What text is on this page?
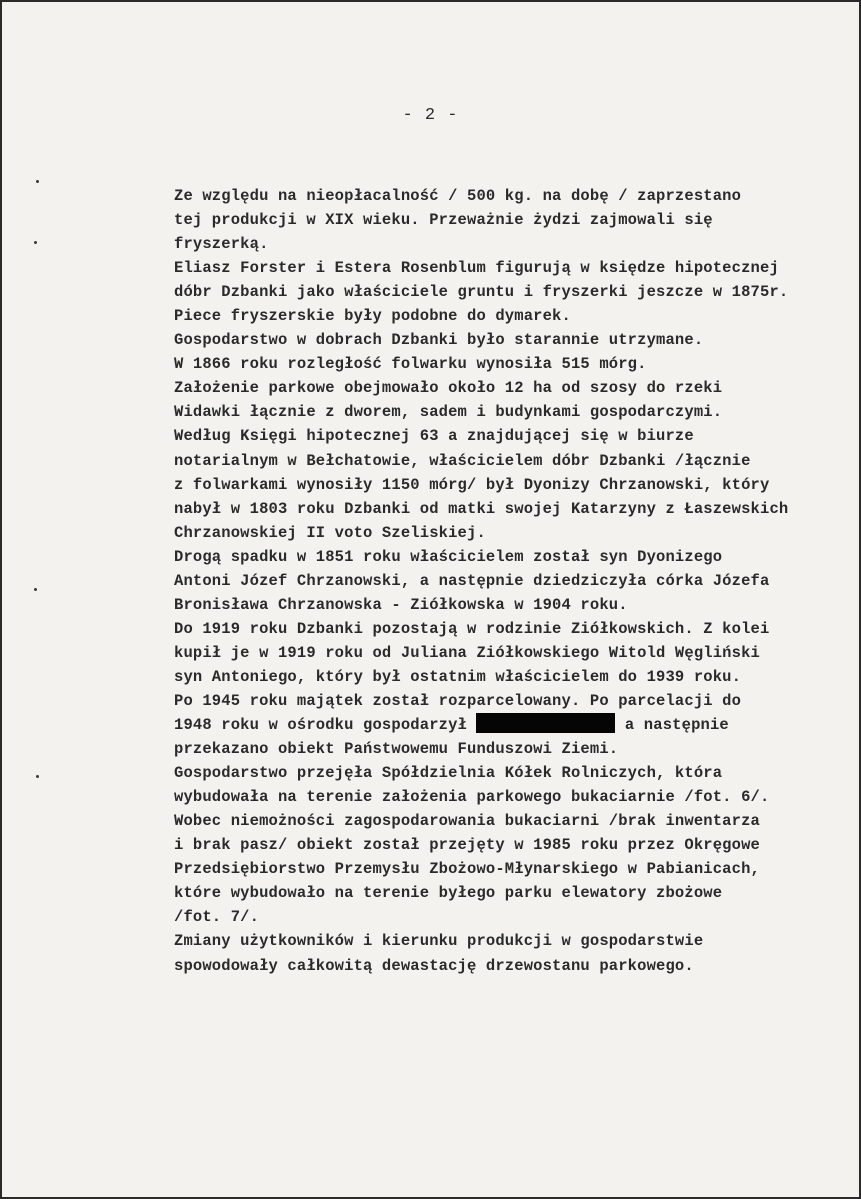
- 2 -
Ze względu na nieopłacalność / 500 kg. na dobę / zaprzestano
tej produkcji w XIX wieku. Przeważnie żydzi zajmowali się
fryszerką.
Eliasz Forster i Estera Rosenblum figurują w księdze hipotecznej
dóbr Dzbanki jako właściciele gruntu i fryszerki jeszcze w 1875r.
Piece fryszerskie były podobne do dymarek.
Gospodarstwo w dobrach Dzbanki było starannie utrzymane.
W 1866 roku rozległość folwarku wynosiła 515 mórg.
Założenie parkowe obejmowało około 12 ha od szosy do rzeki
Widawki łącznie z dworem, sadem i budynkami gospodarczymi.
Według Księgi hipotecznej 63 a znajdującej się w biurze
notarialnym w Bełchatowie, właścicielem dóbr Dzbanki /łącznie
z folwarkami wynosiły 1150 mórg/ był Dyonizy Chrzanowski, który
nabył w 1803 roku Dzbanki od matki swojej Katarzyny z Łaszewskich
Chrzanowskiej II voto Szeliskiej.
Drogą spadku w 1851 roku właścicielem został syn Dyonizego
Antoni Józef Chrzanowski, a następnie dziedziczyła córka Józefa
Bronisława Chrzanowska - Ziółkowska w 1904 roku.
Do 1919 roku Dzbanki pozostają w rodzinie Ziółkowskich. Z kolei
kupił je w 1919 roku od Juliana Ziółkowskiego Witold Węgliński
syn Antoniego, który był ostatnim właścicielem do 1939 roku.
Po 1945 roku majątek został rozparcelowany. Po parcelacji do
1948 roku w ośrodku gospodarzył	a następnie
przekazano obiekt Państwowemu Funduszowi Ziemi.
Gospodarstwo przejęła Spółdzielnia Kółek Rolniczych, która
wybudowała na terenie założenia parkowego bukaciarnie /fot. 6/.
Wobec niemożności zagospodarowania bukaciarni /brak inwentarza
i brak pasz/ obiekt został przejęty w 1985 roku przez Okręgowe
Przedsiębiorstwo Przemysłu Zbożowo-Młynarskiego w Pabianicach,
które wybudowało na terenie byłego parku elewatory zbożowe
/fot. 7/.
Zmiany użytkowników i kierunku produkcji w gospodarstwie
spowodowały całkowitą dewastację drzewostanu parkowego.
